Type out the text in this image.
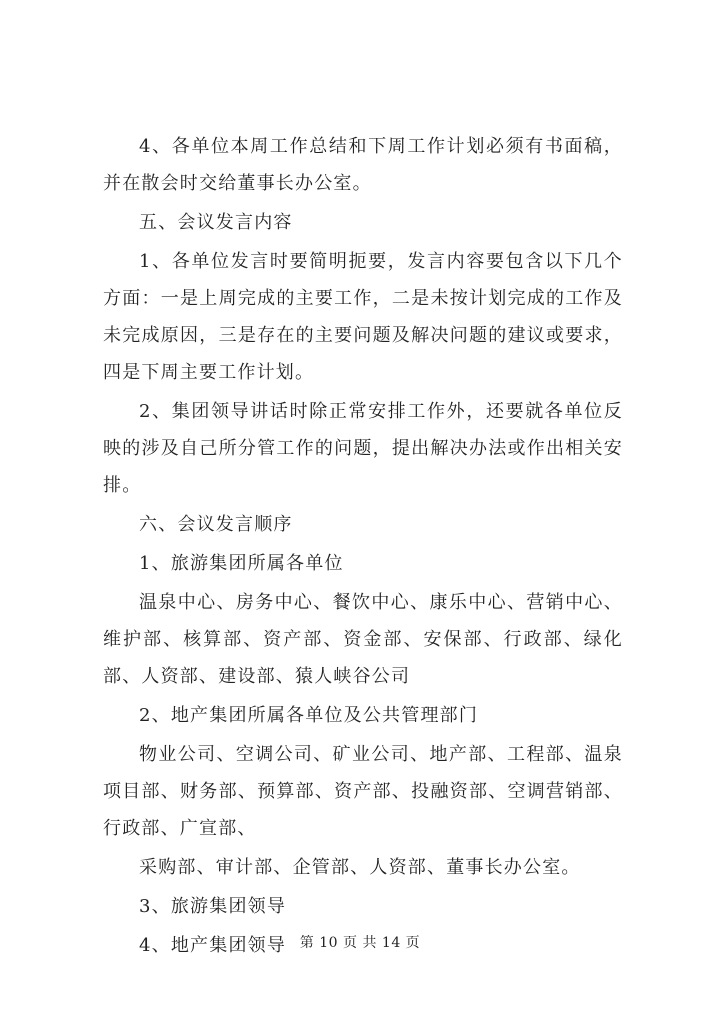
4、各单位本周工作总结和下周工作计划必须有书面稿，并在散会时交给董事长办公室。

五、会议发言内容

1、各单位发言时要简明扼要，发言内容要包含以下几个方面：一是上周完成的主要工作，二是未按计划完成的工作及未完成原因，三是存在的主要问题及解决问题的建议或要求，四是下周主要工作计划。

2、集团领导讲话时除正常安排工作外，还要就各单位反映的涉及自己所分管工作的问题，提出解决办法或作出相关安排。

六、会议发言顺序

1、旅游集团所属各单位

温泉中心、房务中心、餐饮中心、康乐中心、营销中心、维护部、核算部、资产部、资金部、安保部、行政部、绿化部、人资部、建设部、猿人峡谷公司

2、地产集团所属各单位及公共管理部门

物业公司、空调公司、矿业公司、地产部、工程部、温泉项目部、财务部、预算部、资产部、投融资部、空调营销部、行政部、广宣部、

采购部、审计部、企管部、人资部、董事长办公室。

3、旅游集团领导

4、地产集团领导 第 10 页 共 14 页
